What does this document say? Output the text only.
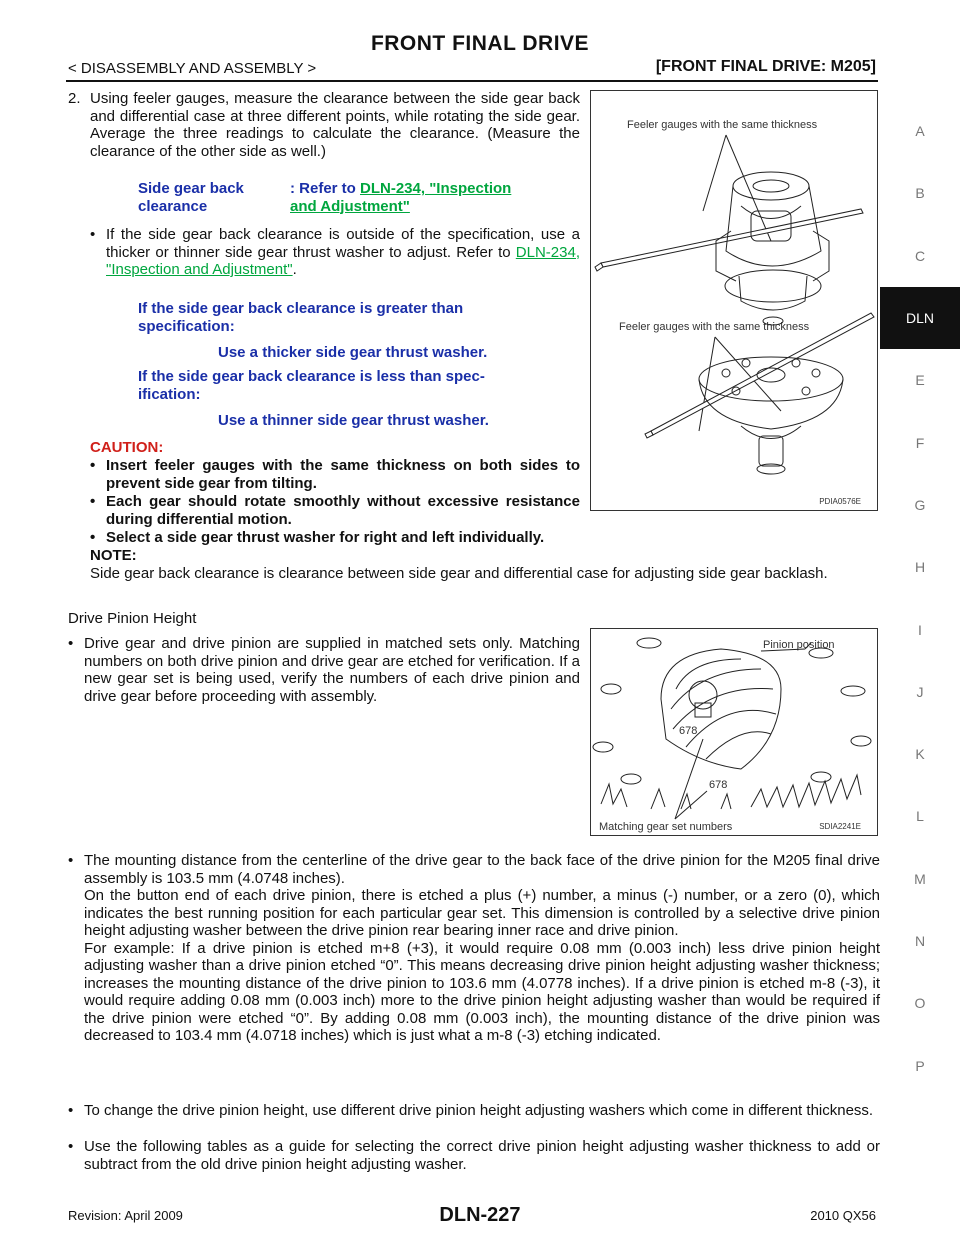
FRONT FINAL DRIVE
< DISASSEMBLY AND ASSEMBLY >	[FRONT FINAL DRIVE: M205]
A
B
C
DLN
E
F
G
H
I
J
K
L
M
N
O
P
2. Using feeler gauges, measure the clearance between the side gear back and differential case at three different points, while rotating the side gear. Average the three readings to calculate the clearance. (Measure the clearance of the other side as well.)
Side gear back
clearance
: Refer to DLN-234, "Inspection
and Adjustment"
• If the side gear back clearance is outside of the specification, use a thicker or thinner side gear thrust washer to adjust. Refer to DLN-234, "Inspection and Adjustment".
If the side gear back clearance is greater than
specification:
Use a thicker side gear thrust washer.
If the side gear back clearance is less than spec-
ification:
Use a thinner side gear thrust washer.
CAUTION:
• Insert feeler gauges with the same thickness on both sides to prevent side gear from tilting.
• Each gear should rotate smoothly without excessive resistance during differential motion.
• Select a side gear thrust washer for right and left individually.
NOTE:
Side gear back clearance is clearance between side gear and differential case for adjusting side gear backlash.
Drive Pinion Height
• Drive gear and drive pinion are supplied in matched sets only. Matching numbers on both drive pinion and drive gear are etched for verification. If a new gear set is being used, verify the numbers of each drive pinion and drive gear before proceeding with assembly.
• The mounting distance from the centerline of the drive gear to the back face of the drive pinion for the M205 final drive assembly is 103.5 mm (4.0748 inches).
On the button end of each drive pinion, there is etched a plus (+) number, a minus (-) number, or a zero (0), which indicates the best running position for each particular gear set. This dimension is controlled by a selective drive pinion height adjusting washer between the drive pinion rear bearing inner race and drive pinion.
For example: If a drive pinion is etched m+8 (+3), it would require 0.08 mm (0.003 inch) less drive pinion height adjusting washer than a drive pinion etched “0”. This means decreasing drive pinion height adjusting washer thickness; increases the mounting distance of the drive pinion to 103.6 mm (4.0778 inches). If a drive pinion is etched m-8 (-3), it would require adding 0.08 mm (0.003 inch) more to the drive pinion height adjusting washer than would be required if the drive pinion were etched “0”. By adding 0.08 mm (0.003 inch), the mounting distance of the drive pinion was decreased to 103.4 mm (4.0718 inches) which is just what a m-8 (-3) etching indicated.
• To change the drive pinion height, use different drive pinion height adjusting washers which come in different thickness.
• Use the following tables as a guide for selecting the correct drive pinion height adjusting washer thickness to add or subtract from the old drive pinion height adjusting washer.
Feeler gauges with the same thickness
Feeler gauges with the same thickness
PDIA0576E
Pinion position
678
678
Matching gear set numbers	SDIA2241E
Revision: April 2009	DLN-227	2010 QX56
